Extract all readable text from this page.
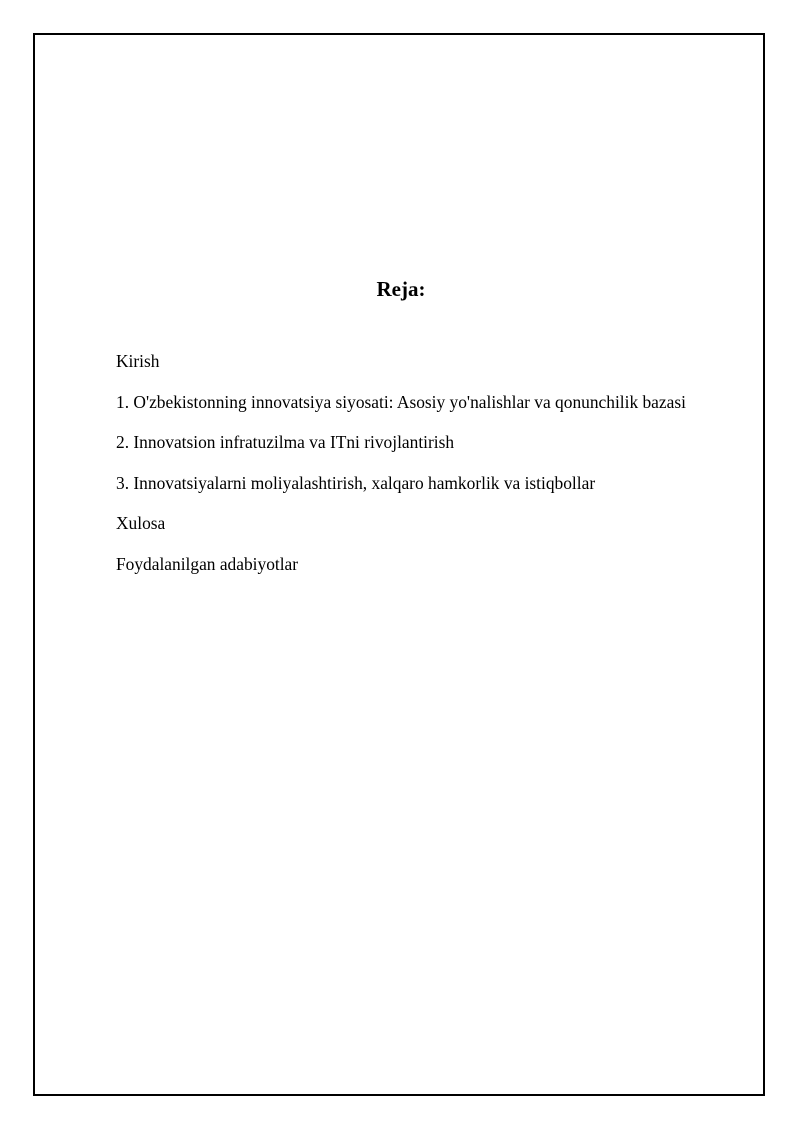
Reja:
Kirish
1. O'zbekistonning innovatsiya siyosati: Asosiy yo'nalishlar va qonunchilik bazasi
2. Innovatsion infratuzilma va ITni rivojlantirish
3. Innovatsiyalarni moliyalashtirish, xalqaro hamkorlik va istiqbollar
Xulosa
Foydalanilgan adabiyotlar
